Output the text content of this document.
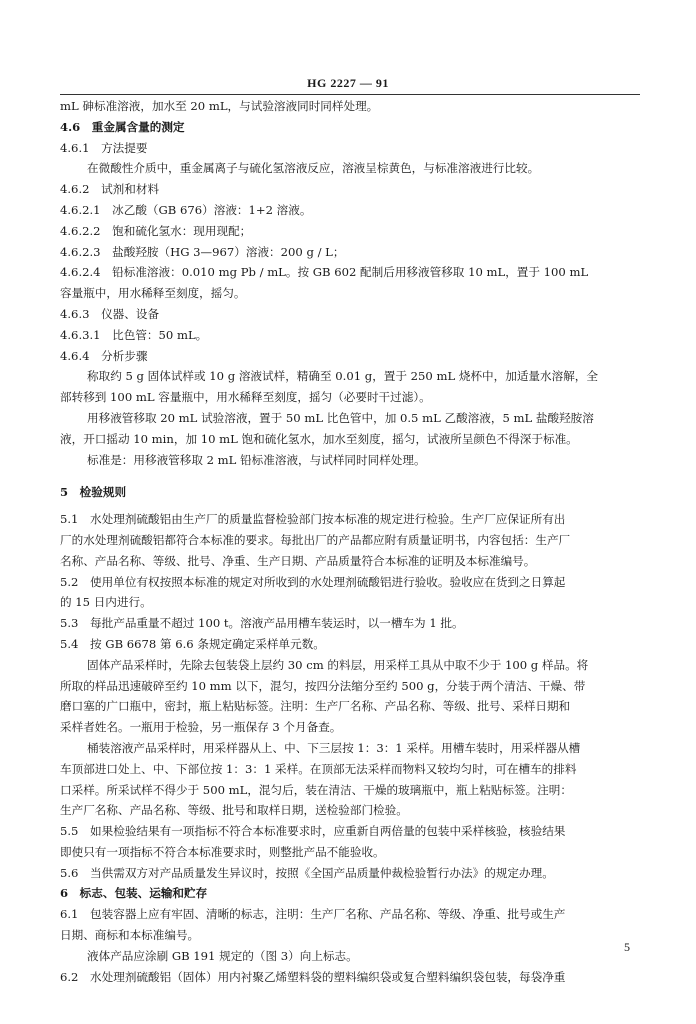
HG 2227 — 91
mL 砷标准溶液，加水至 20 mL，与试验溶液同时同样处理。
4.6　重金属含量的测定
4.6.1　方法提要
在微酸性介质中，重金属离子与硫化氢溶液反应，溶液呈棕黄色，与标准溶液进行比较。
4.6.2　试剂和材料
4.6.2.1　冰乙酸（GB 676）溶液：1+2 溶液。
4.6.2.2　饱和硫化氢水：现用现配；
4.6.2.3　盐酸羟胺（HG 3—967）溶液：200 g / L；
4.6.2.4　铅标准溶液：0.010 mg Pb / mL。按 GB 602 配制后用移液管移取 10 mL，置于 100 mL
容量瓶中，用水稀释至刻度，摇匀。
4.6.3　仪器、设备
4.6.3.1　比色管：50 mL。
4.6.4　分析步骤
称取约 5 g 固体试样或 10 g 溶液试样，精确至 0.01 g，置于 250 mL 烧杯中，加适量水溶解，全
部转移到 100 mL 容量瓶中，用水稀释至刻度，摇匀（必要时干过滤）。
用移液管移取 20 mL 试验溶液，置于 50 mL 比色管中，加 0.5 mL 乙酸溶液，5 mL 盐酸羟胺溶
液，开口摇动 10 min，加 10 mL 饱和硫化氢水，加水至刻度，摇匀，试液所呈颜色不得深于标准。
标准是：用移液管移取 2 mL 铅标准溶液，与试样同时同样处理。
5　检验规则
5.1　水处理剂硫酸铝由生产厂的质量监督检验部门按本标准的规定进行检验。生产厂应保证所有出
厂的水处理剂硫酸铝都符合本标准的要求。每批出厂的产品都应附有质量证明书，内容包括：生产厂
名称、产品名称、等级、批号、净重、生产日期、产品质量符合本标准的证明及本标准编号。
5.2　使用单位有权按照本标准的规定对所收到的水处理剂硫酸铝进行验收。验收应在货到之日算起
的 15 日内进行。
5.3　每批产品重量不超过 100 t。溶液产品用槽车装运时，以一槽车为 1 批。
5.4　按 GB 6678 第 6.6 条规定确定采样单元数。
固体产品采样时，先除去包装袋上层约 30 cm 的料层，用采样工具从中取不少于 100 g 样品。将
所取的样品迅速破碎至约 10 mm 以下，混匀，按四分法缩分至约 500 g，分装于两个清洁、干燥、带
磨口塞的广口瓶中，密封，瓶上粘贴标签。注明：生产厂名称、产品名称、等级、批号、采样日期和
采样者姓名。一瓶用于检验，另一瓶保存 3 个月备查。
桶装溶液产品采样时，用采样器从上、中、下三层按 1：3：1 采样。用槽车装时，用采样器从槽
车顶部进口处上、中、下部位按 1：3：1 采样。在顶部无法采样而物料又较均匀时，可在槽车的排料
口采样。所采试样不得少于 500 mL，混匀后，装在清洁、干燥的玻璃瓶中，瓶上粘贴标签。注明：
生产厂名称、产品名称、等级、批号和取样日期，送检验部门检验。
5.5　如果检验结果有一项指标不符合本标准要求时，应重新自两倍量的包装中采样核验，核验结果
即使只有一项指标不符合本标准要求时，则整批产品不能验收。
5.6　当供需双方对产品质量发生异议时，按照《全国产品质量仲裁检验暂行办法》的规定办理。
6　标志、包装、运输和贮存
6.1　包装容器上应有牢固、清晰的标志，注明：生产厂名称、产品名称、等级、净重、批号或生产
日期、商标和本标准编号。
液体产品应涂刷 GB 191 规定的（图 3）向上标志。
6.2　水处理剂硫酸铝（固体）用内衬聚乙烯塑料袋的塑料编织袋或复合塑料编织袋包装，每袋净重
5
